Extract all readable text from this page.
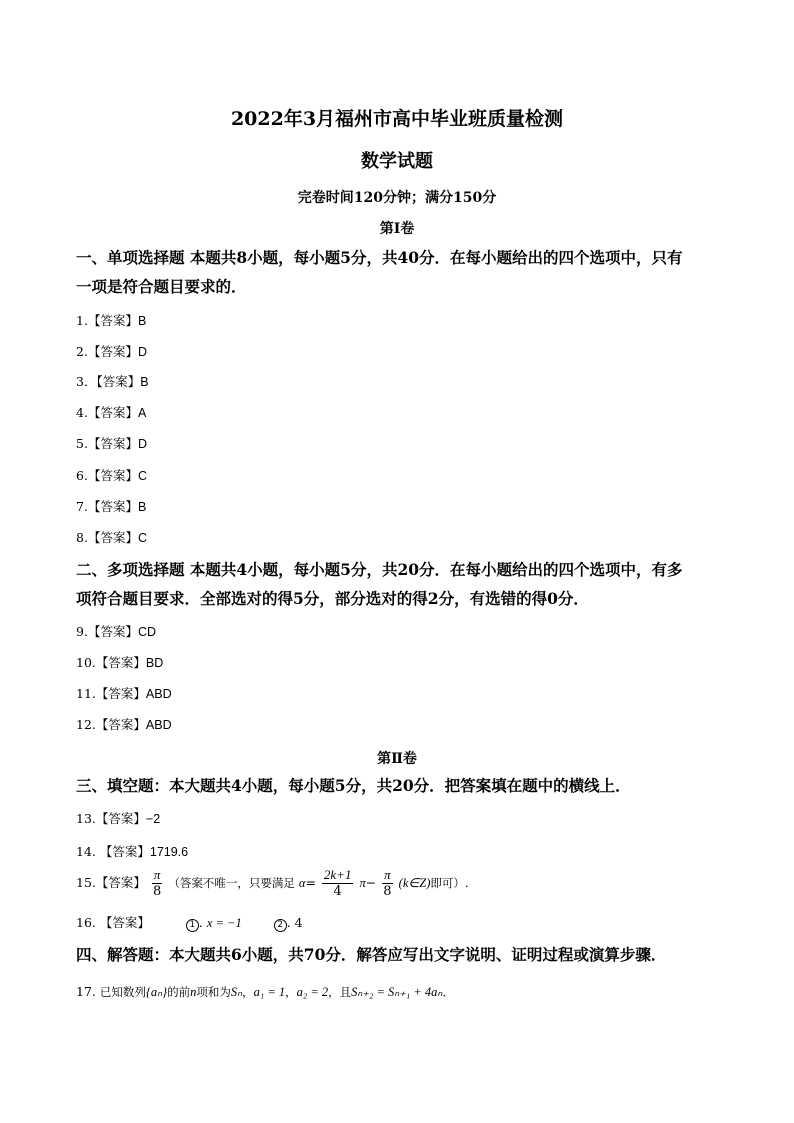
2022年3月福州市高中毕业班质量检测
数学试题
完卷时间120分钟；满分150分
第Ⅰ卷
一、单项选择题 本题共8小题，每小题5分，共40分．在每小题给出的四个选项中，只有
一项是符合题目要求的．
1.【答案】B
2.【答案】D
3．【答案】B
4.【答案】A
5.【答案】D
6.【答案】C
7.【答案】B
8.【答案】C
二、多项选择题 本题共4小题，每小题5分，共20分．在每小题给出的四个选项中，有多
项符合题目要求．全部选对的得5分，部分选对的得2分，有选错的得0分．
9.【答案】CD
10.【答案】BD
11.【答案】ABD
12.【答案】ABD
第Ⅱ卷
三、填空题：本大题共4小题，每小题5分，共20分．把答案填在题中的横线上．
13.【答案】−2
14. 【答案】1719.6
15.【答案】 $\frac{\pi}{8}$ （答案不唯一，只要满足 $\alpha= \frac{2k+1}{4} \pi- \frac{\pi}{8}$ (k∈Z)即可）.
16. 【答案】	1 . x = −1	2 . 4
四、解答题：本大题共6小题，共70分．解答应写出文字说明、证明过程或演算步骤．
17. 已知数列{aₙ}的前n项和为Sₙ，a₁ = 1，a₂ = 2，且Sₙ₊₂ = Sₙ₊₁ + 4aₙ．
